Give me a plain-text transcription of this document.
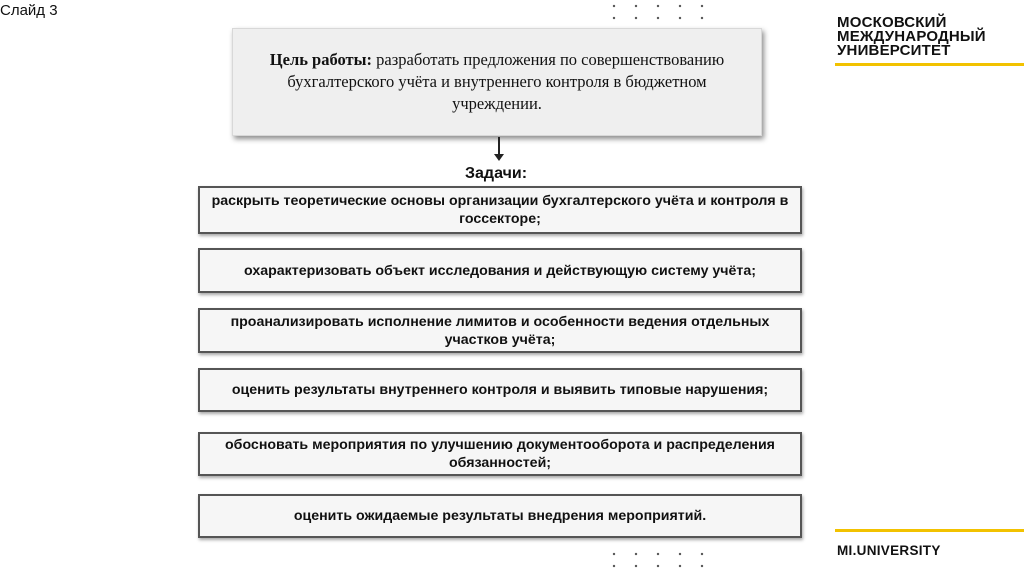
Слайд 3
МОСКОВСКИЙ
МЕЖДУНАРОДНЫЙ
УНИВЕРСИТЕТ
MI.UNIVERSITY
Цель работы: разработать предложения по совершенствованию бухгалтерского учёта и внутреннего контроля в бюджетном учреждении.
Задачи:
раскрыть теоретические основы организации бухгалтерского учёта и контроля в госсекторе;
охарактеризовать объект исследования и действующую систему учёта;
проанализировать исполнение лимитов и особенности ведения отдельных участков учёта;
оценить результаты внутреннего контроля и выявить типовые нарушения;
обосновать мероприятия по улучшению документооборота и распределения обязанностей;
оценить ожидаемые результаты внедрения мероприятий.
